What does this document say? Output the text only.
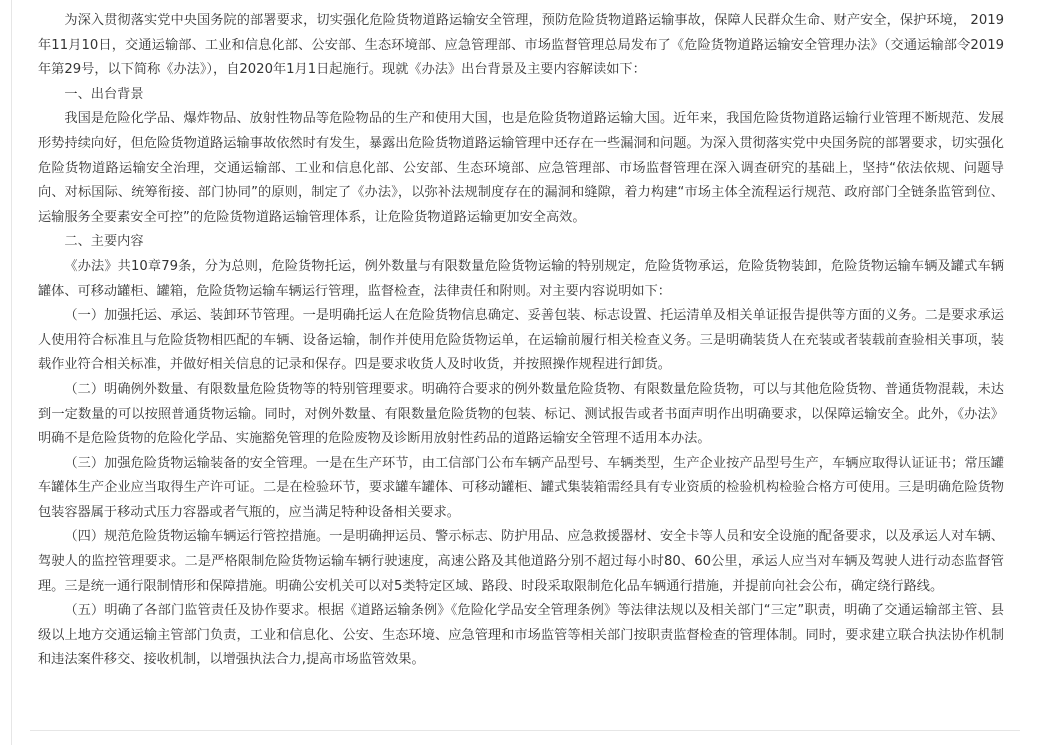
为深入贯彻落实党中央国务院的部署要求，切实强化危险货物道路运输安全管理，预防危险货物道路运输事故，保障人民群众生命、财产安全，保护环境， 2019年11月10日，交通运输部、工业和信息化部、公安部、生态环境部、应急管理部、市场监督管理总局发布了《危险货物道路运输安全管理办法》（交通运输部令2019年第29号，以下简称《办法》），自2020年1月1日起施行。现就《办法》出台背景及主要内容解读如下：

一、出台背景

我国是危险化学品、爆炸物品、放射性物品等危险物品的生产和使用大国，也是危险货物道路运输大国。近年来，我国危险货物道路运输行业管理不断规范、发展形势持续向好，但危险货物道路运输事故依然时有发生，暴露出危险货物道路运输管理中还存在一些漏洞和问题。为深入贯彻落实党中央国务院的部署要求，切实强化危险货物道路运输安全治理，交通运输部、工业和信息化部、公安部、生态环境部、应急管理部、市场监督管理在深入调查研究的基础上，坚持“依法依规、问题导向、对标国际、统筹衔接、部门协同”的原则，制定了《办法》，以弥补法规制度存在的漏洞和缝隙，着力构建“市场主体全流程运行规范、政府部门全链条监管到位、运输服务全要素安全可控”的危险货物道路运输管理体系，让危险货物道路运输更加安全高效。

二、主要内容

《办法》共10章79条，分为总则，危险货物托运，例外数量与有限数量危险货物运输的特别规定，危险货物承运，危险货物装卸，危险货物运输车辆及罐式车辆罐体、可移动罐柜、罐箱，危险货物运输车辆运行管理，监督检查，法律责任和附则。对主要内容说明如下：

（一）加强托运、承运、装卸环节管理。一是明确托运人在危险货物信息确定、妥善包装、标志设置、托运清单及相关单证报告提供等方面的义务。二是要求承运人使用符合标准且与危险货物相匹配的车辆、设备运输，制作并使用危险货物运单，在运输前履行相关检查义务。三是明确装货人在充装或者装载前查验相关事项，装载作业符合相关标准，并做好相关信息的记录和保存。四是要求收货人及时收货，并按照操作规程进行卸货。

（二）明确例外数量、有限数量危险货物等的特别管理要求。明确符合要求的例外数量危险货物、有限数量危险货物，可以与其他危险货物、普通货物混载，未达到一定数量的可以按照普通货物运输。同时，对例外数量、有限数量危险货物的包装、标记、测试报告或者书面声明作出明确要求，以保障运输安全。此外，《办法》明确不是危险货物的危险化学品、实施豁免管理的危险废物及诊断用放射性药品的道路运输安全管理不适用本办法。

（三）加强危险货物运输装备的安全管理。一是在生产环节，由工信部门公布车辆产品型号、车辆类型，生产企业按产品型号生产，车辆应取得认证证书；常压罐车罐体生产企业应当取得生产许可证。二是在检验环节，要求罐车罐体、可移动罐柜、罐式集装箱需经具有专业资质的检验机构检验合格方可使用。三是明确危险货物包装容器属于移动式压力容器或者气瓶的，应当满足特种设备相关要求。

（四）规范危险货物运输车辆运行管控措施。一是明确押运员、警示标志、防护用品、应急救援器材、安全卡等人员和安全设施的配备要求，以及承运人对车辆、驾驶人的监控管理要求。二是严格限制危险货物运输车辆行驶速度，高速公路及其他道路分别不超过每小时80、60公里，承运人应当对车辆及驾驶人进行动态监督管理。三是统一通行限制情形和保障措施。明确公安机关可以对5类特定区域、路段、时段采取限制危化品车辆通行措施，并提前向社会公布，确定绕行路线。

（五）明确了各部门监管责任及协作要求。根据《道路运输条例》《危险化学品安全管理条例》等法律法规以及相关部门“三定”职责，明确了交通运输部主管、县级以上地方交通运输主管部门负责，工业和信息化、公安、生态环境、应急管理和市场监管等相关部门按职责监督检查的管理体制。同时，要求建立联合执法协作机制和违法案件移交、接收机制，以增强执法合力,提高市场监管效果。
